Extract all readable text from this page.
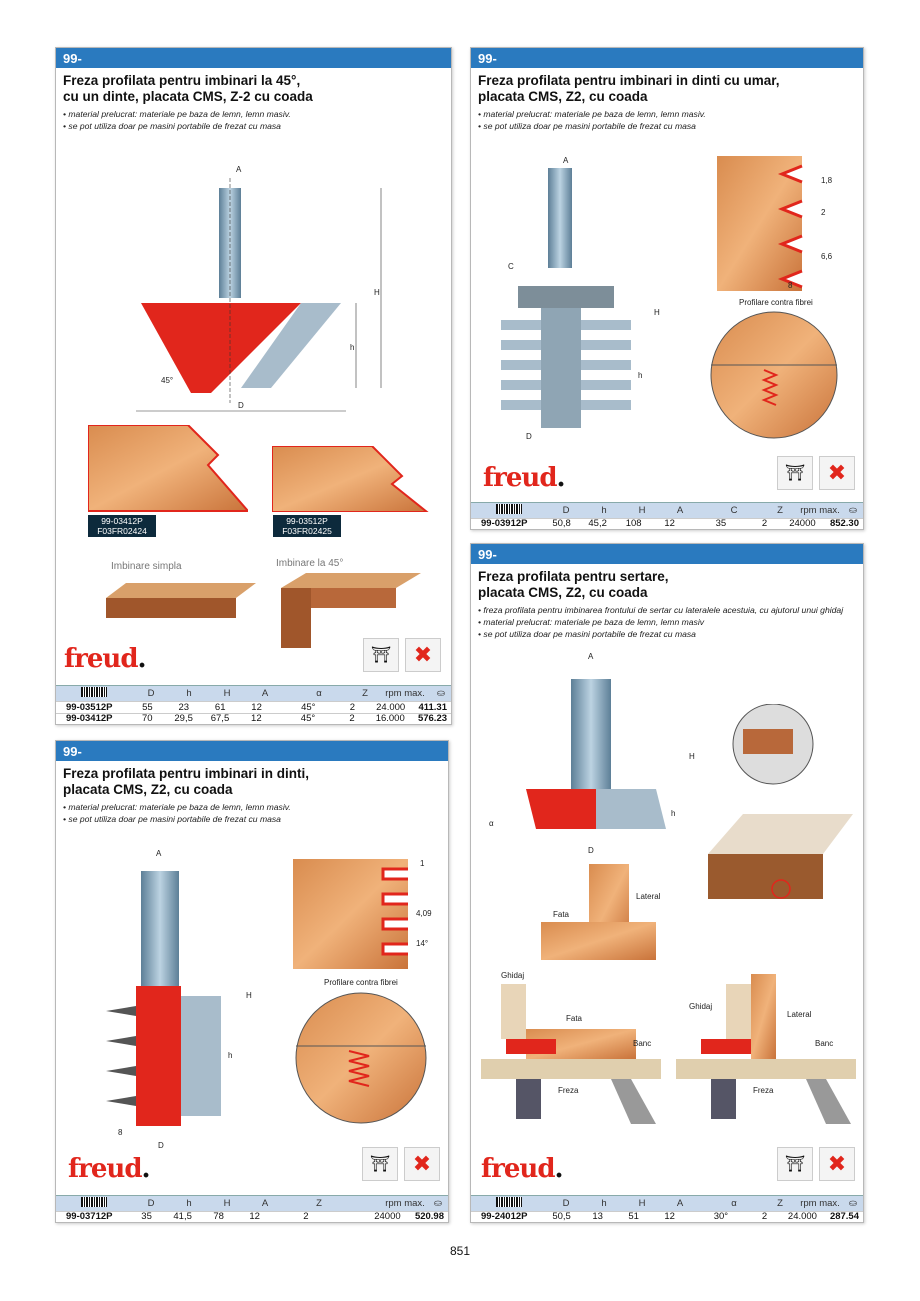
99-
Freza profilata pentru imbinari la 45°,
cu un dinte, placata CMS, Z-2 cu coada
• material prelucrat: materiale pe baza de lemn, lemn masiv.
• se pot utiliza doar pe masini portabile de frezat cu masa
A
H
h
D
45°
99-03412P
F03FR02424
99-03512P
F03FR02425
Imbinare simpla	Imbinare la 45°
freud.	⛩	✖
D	h	H	A	α	Z	rpm max.	⛀
99-03512P	55	23	61	12	45°	2	24.000	411.31
99-03412P	70	29,5	67,5	12	45°	2	16.000	576.23
99-
Freza profilata pentru imbinari in dinti cu umar,
placata CMS, Z2, cu coada
• material prelucrat: materiale pe baza de lemn, lemn masiv.
• se pot utiliza doar pe masini portabile de frezat cu masa
A
C
H
h
D
1,8
2
6,6
8
Profilare contra fibrei
freud.	⛩	✖
D	h	H	A	C	Z	rpm max. ⛀
99-03912P	50,8	45,2	108	12	35	2	24000	852.30
99-
Freza profilata pentru imbinari in dinti,
placata CMS, Z2, cu coada
• material prelucrat: materiale pe baza de lemn, lemn masiv.
• se pot utiliza doar pe masini portabile de frezat cu masa
A
H
h
8
D
1
4,09
14°
Profilare contra fibrei
freud.	⛩	✖
D	h	H	A	Z	rpm max. ⛀
99-03712P	35	41,5	78	12	2	24000	520.98
99-
Freza profilata pentru sertare,
placata CMS, Z2, cu coada
• freza profilata pentru imbinarea frontului de sertar cu lateralele acestuia, cu ajutorul unui ghidaj
• material prelucrat: materiale pe baza de lemn, lemn masiv
• se pot utiliza doar pe masini portabile de frezat cu masa
A
H
h
α
D
Lateral
Fata
Ghidaj
Fata
Banc
Freza
Ghidaj
Lateral
Banc
Freza
freud.	⛩	✖
D	h	H	A	α	Z	rpm max. ⛀
99-24012P	50,5	13	51	12	30°	2	24.000	287.54
851
